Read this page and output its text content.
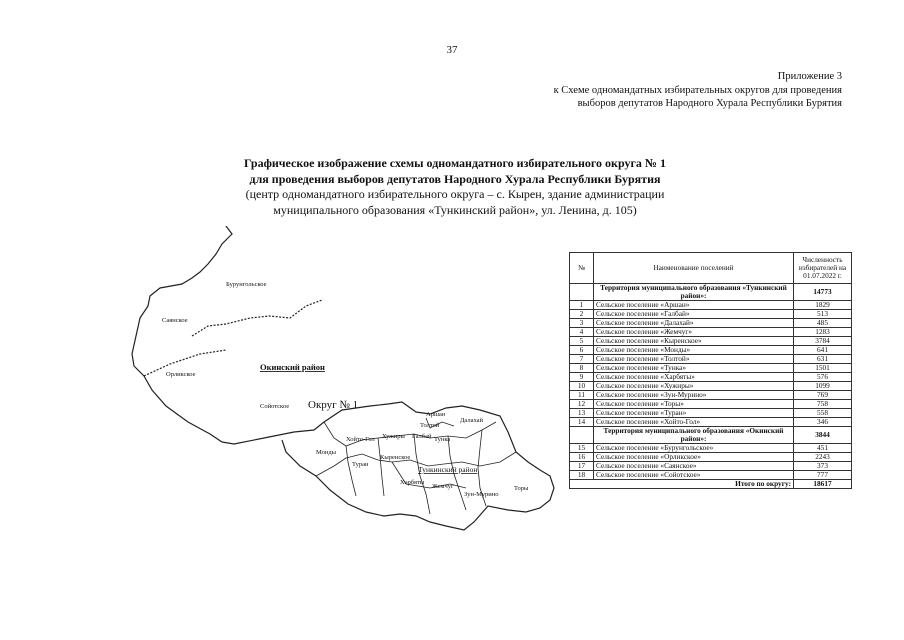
37
Приложение 3
к Схеме одномандатных избирательных округов для проведения
выборов депутатов Народного Хурала Республики Бурятия
Графическое изображение схемы одномандатного избирательного округа № 1
для проведения выборов депутатов Народного Хурала Республики Бурятия
(центр одномандатного избирательного округа – с. Кырен, здание администрации
муниципального образования «Тункинский район», ул. Ленина, д. 105)
Бурунгольское
Саянское
Орликское
Сойотское
Аршан
Толтой
Далахай
Хойто-Гол Хужиры Галбай Тунка
Монды
Кыренское
Туран
Харбяты
Жемчуг
Зун-Мурино
Торы
Окинский район
Тункинский район
Округ № 1
№	Наименование поселений	Численность избирателей на 01.07.2022 г.
	Территория муниципального образования «Тункинский район»:	14773
1	Сельское поселение «Аршан»	1829
2	Сельское поселение «Галбай»	513
3	Сельское поселение «Далахай»	485
4	Сельское поселение «Жемчуг»	1283
5	Сельское поселение «Кыренское»	3784
6	Сельское поселение «Монды»	641
7	Сельское поселение «Толтой»	631
8	Сельское поселение «Тунка»	1501
9	Сельское поселение «Харбяты»	576
10	Сельское поселение «Хужиры»	1099
11	Сельское поселение «Зун-Мурино»	769
12	Сельское поселение «Торы»	758
13	Сельское поселение «Туран»	558
14	Сельское поселение «Хойто-Гол»	346
	Территория муниципального образования «Окинский район»:	3844
15	Сельское поселение «Бурунгольское»	451
16	Сельское поселение «Орликское»	2243
17	Сельское поселение «Саянское»	373
18	Сельское поселение «Сойотское»	777
Итого по округу:		18617
